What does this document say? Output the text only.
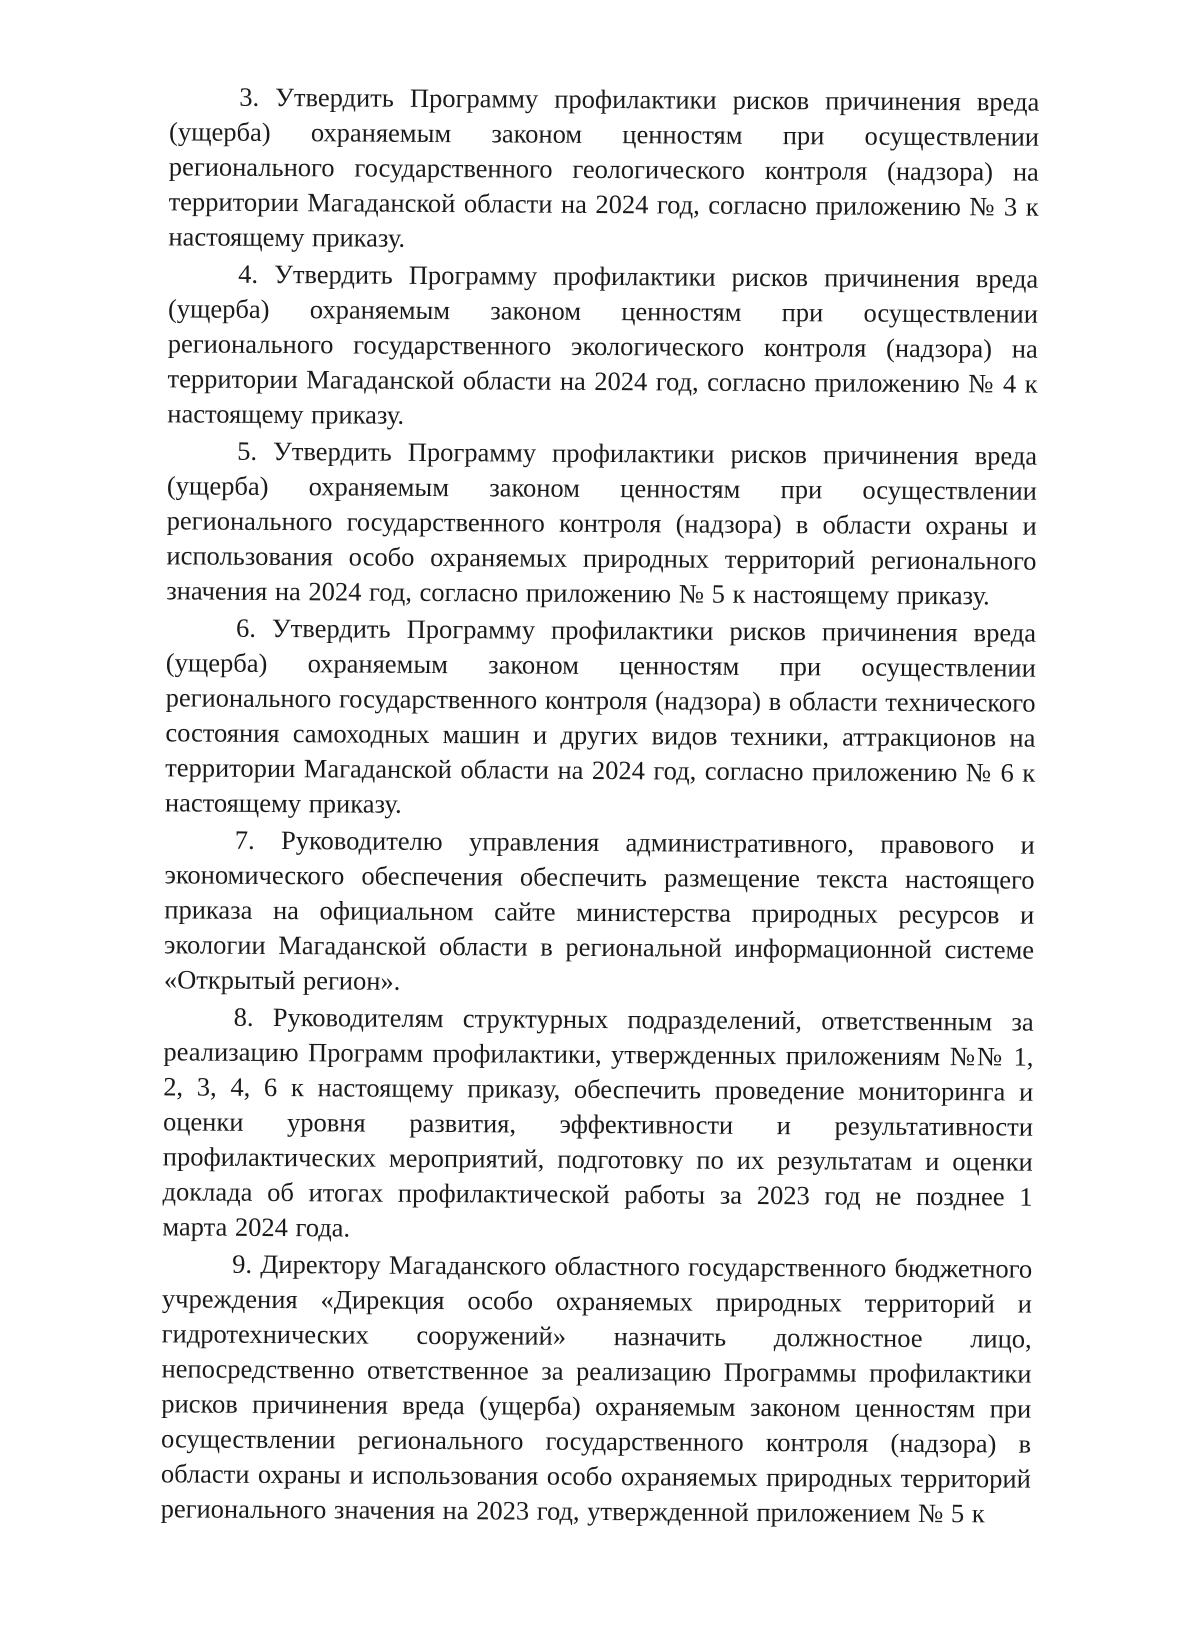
3. Утвердить Программу профилактики рисков причинения вреда (ущерба) охраняемым законом ценностям при осуществлении регионального государственного геологического контроля (надзора) на территории Магаданской области на 2024 год, согласно приложению № 3 к настоящему приказу.

4. Утвердить Программу профилактики рисков причинения вреда (ущерба) охраняемым законом ценностям при осуществлении регионального государственного экологического контроля (надзора) на территории Магаданской области на 2024 год, согласно приложению № 4 к настоящему приказу.

5. Утвердить Программу профилактики рисков причинения вреда (ущерба) охраняемым законом ценностям при осуществлении регионального государственного контроля (надзора) в области охраны и использования особо охраняемых природных территорий регионального значения на 2024 год, согласно приложению № 5 к настоящему приказу.

6. Утвердить Программу профилактики рисков причинения вреда (ущерба) охраняемым законом ценностям при осуществлении регионального государственного контроля (надзора) в области технического состояния самоходных машин и других видов техники, аттракционов на территории Магаданской области на 2024 год, согласно приложению № 6 к настоящему приказу.

7. Руководителю управления административного, правового и экономического обеспечения обеспечить размещение текста настоящего приказа на официальном сайте министерства природных ресурсов и экологии Магаданской области в региональной информационной системе «Открытый регион».

8. Руководителям структурных подразделений, ответственным за реализацию Программ профилактики, утвержденных приложениям №№ 1, 2, 3, 4, 6 к настоящему приказу, обеспечить проведение мониторинга и оценки уровня развития, эффективности и результативности профилактических мероприятий, подготовку по их результатам и оценки доклада об итогах профилактической работы за 2023 год не позднее 1 марта 2024 года.

9. Директору Магаданского областного государственного бюджетного учреждения «Дирекция особо охраняемых природных территорий и гидротехнических сооружений» назначить должностное лицо, непосредственно ответственное за реализацию Программы профилактики рисков причинения вреда (ущерба) охраняемым законом ценностям при осуществлении регионального государственного контроля (надзора) в области охраны и использования особо охраняемых природных территорий регионального значения на 2023 год, утвержденной приложением № 5 к
